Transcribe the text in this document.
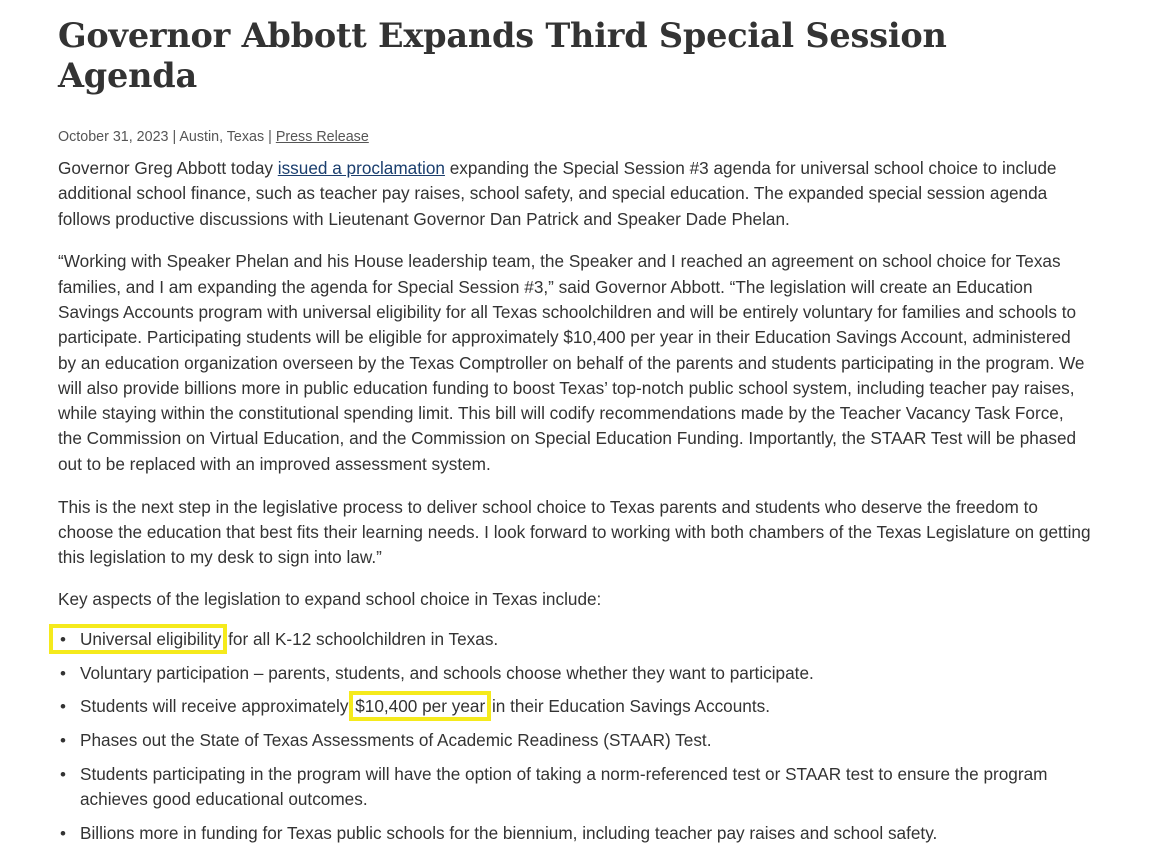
Governor Abbott Expands Third Special Session Agenda
October 31, 2023 | Austin, Texas | Press Release

Governor Greg Abbott today issued a proclamation expanding the Special Session #3 agenda for universal school choice to include additional school finance, such as teacher pay raises, school safety, and special education. The expanded special session agenda follows productive discussions with Lieutenant Governor Dan Patrick and Speaker Dade Phelan.

“Working with Speaker Phelan and his House leadership team, the Speaker and I reached an agreement on school choice for Texas families, and I am expanding the agenda for Special Session #3,” said Governor Abbott. “The legislation will create an Education Savings Accounts program with universal eligibility for all Texas schoolchildren and will be entirely voluntary for families and schools to participate. Participating students will be eligible for approximately $10,400 per year in their Education Savings Account, administered by an education organization overseen by the Texas Comptroller on behalf of the parents and students participating in the program. We will also provide billions more in public education funding to boost Texas’ top-notch public school system, including teacher pay raises, while staying within the constitutional spending limit. This bill will codify recommendations made by the Teacher Vacancy Task Force, the Commission on Virtual Education, and the Commission on Special Education Funding. Importantly, the STAAR Test will be phased out to be replaced with an improved assessment system.

This is the next step in the legislative process to deliver school choice to Texas parents and students who deserve the freedom to choose the education that best fits their learning needs. I look forward to working with both chambers of the Texas Legislature on getting this legislation to my desk to sign into law.”

Key aspects of the legislation to expand school choice in Texas include:

• Universal eligibility for all K-12 schoolchildren in Texas.
• Voluntary participation – parents, students, and schools choose whether they want to participate.
• Students will receive approximately $10,400 per year in their Education Savings Accounts.
• Phases out the State of Texas Assessments of Academic Readiness (STAAR) Test.
• Students participating in the program will have the option of taking a norm-referenced test or STAAR test to ensure the program achieves good educational outcomes.
• Billions more in funding for Texas public schools for the biennium, including teacher pay raises and school safety.
